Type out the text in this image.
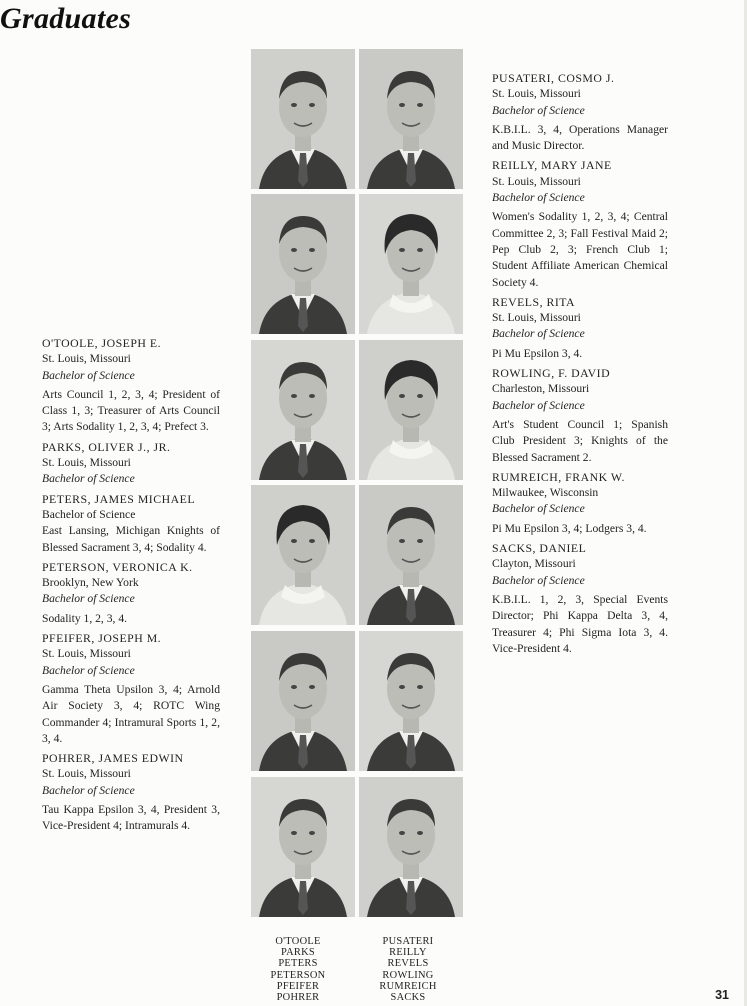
Graduates
O'TOOLE, JOSEPH E.
St. Louis, Missouri
Bachelor of Science
Arts Council 1, 2, 3, 4; President of Class 1, 3; Treasurer of Arts Council 3; Arts Sodality 1, 2, 3, 4; Prefect 3.
PARKS, OLIVER J., JR.
St. Louis, Missouri
Bachelor of Science
PETERS, JAMES MICHAEL
Bachelor of Science
East Lansing, Michigan Knights of Blessed Sacrament 3, 4; Sodality 4.
PETERSON, VERONICA K.
Brooklyn, New York
Bachelor of Science
Sodality 1, 2, 3, 4.
PFEIFER, JOSEPH M.
St. Louis, Missouri
Bachelor of Science
Gamma Theta Upsilon 3, 4; Arnold Air Society 3, 4; ROTC Wing Commander 4; Intramural Sports 1, 2, 3, 4.
POHRER, JAMES EDWIN
St. Louis, Missouri
Bachelor of Science
Tau Kappa Epsilon 3, 4, President 3, Vice-President 4; Intramurals 4.
PUSATERI, COSMO J.
St. Louis, Missouri
Bachelor of Science
K.B.I.L. 3, 4, Operations Manager and Music Director.
REILLY, MARY JANE
St. Louis, Missouri
Bachelor of Science
Women's Sodality 1, 2, 3, 4; Central Committee 2, 3; Fall Festival Maid 2; Pep Club 2, 3; French Club 1; Student Affiliate American Chemical Society 4.
REVELS, RITA
St. Louis, Missouri
Bachelor of Science
Pi Mu Epsilon 3, 4.
ROWLING, F. DAVID
Charleston, Missouri
Bachelor of Science
Art's Student Council 1; Spanish Club President 3; Knights of the Blessed Sacrament 2.
RUMREICH, FRANK W.
Milwaukee, Wisconsin
Bachelor of Science
Pi Mu Epsilon 3, 4; Lodgers 3, 4.
SACKS, DANIEL
Clayton, Missouri
Bachelor of Science
K.B.I.L. 1, 2, 3, Special Events Director; Phi Kappa Delta 3, 4, Treasurer 4; Phi Sigma Iota 3, 4. Vice-President 4.
O'TOOLE
PARKS
PETERS
PETERSON
PFEIFER
POHRER
PUSATERI
REILLY
REVELS
ROWLING
RUMREICH
SACKS	31
